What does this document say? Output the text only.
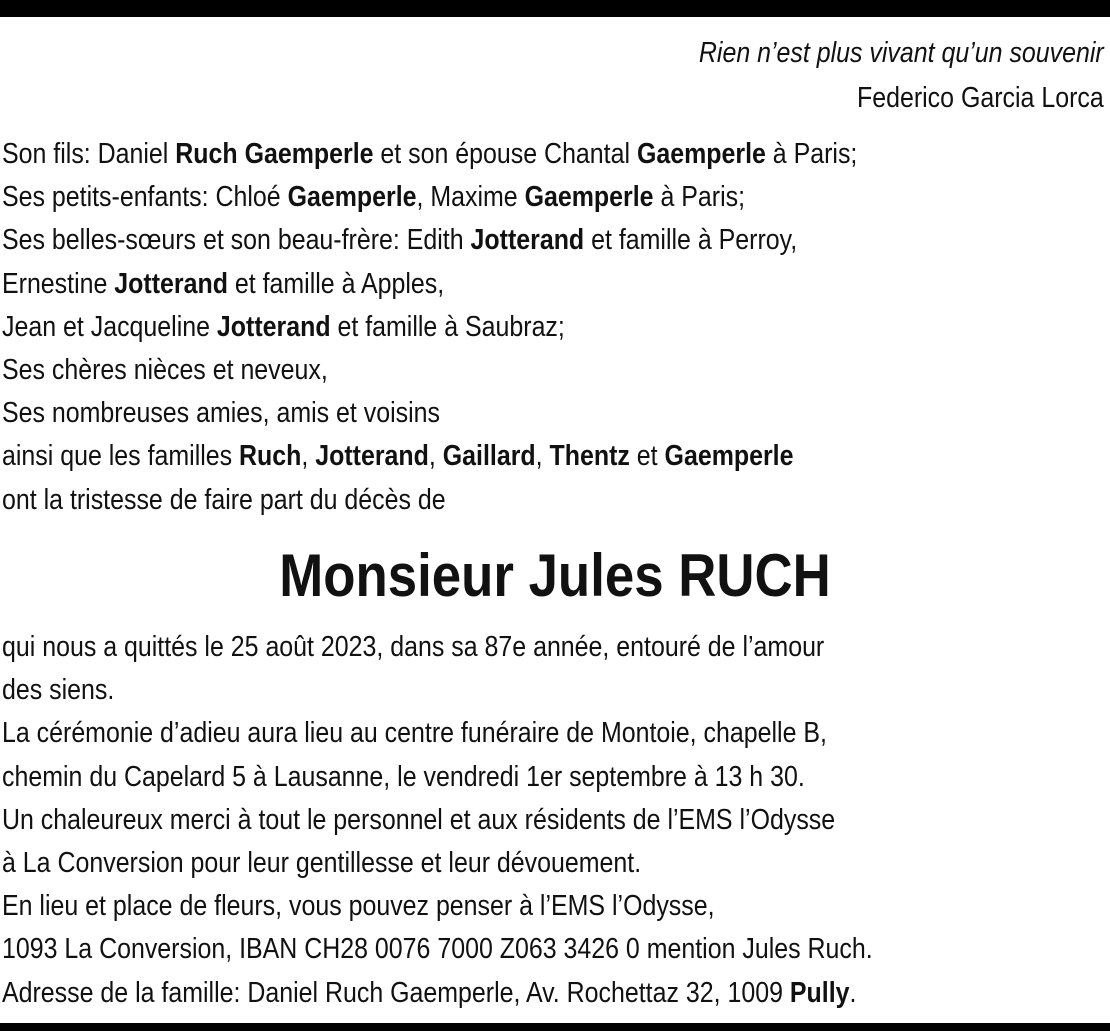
Rien n’est plus vivant qu’un souvenir
Federico Garcia Lorca
Son fils: Daniel Ruch Gaemperle et son épouse Chantal Gaemperle à Paris;
Ses petits-enfants: Chloé Gaemperle, Maxime Gaemperle à Paris;
Ses belles-sœurs et son beau-frère: Edith Jotterand et famille à Perroy,
Ernestine Jotterand et famille à Apples,
Jean et Jacqueline Jotterand et famille à Saubraz;
Ses chères nièces et neveux,
Ses nombreuses amies, amis et voisins
ainsi que les familles Ruch, Jotterand, Gaillard, Thentz et Gaemperle
ont la tristesse de faire part du décès de
Monsieur Jules RUCH
qui nous a quittés le 25 août 2023, dans sa 87e année, entouré de l’amour
des siens.
La cérémonie d’adieu aura lieu au centre funéraire de Montoie, chapelle B,
chemin du Capelard 5 à Lausanne, le vendredi 1er septembre à 13 h 30.
Un chaleureux merci à tout le personnel et aux résidents de l’EMS l’Odysse
à La Conversion pour leur gentillesse et leur dévouement.
En lieu et place de fleurs, vous pouvez penser à l’EMS l’Odysse,
1093 La Conversion, IBAN CH28 0076 7000 Z063 3426 0 mention Jules Ruch.
Adresse de la famille: Daniel Ruch Gaemperle, Av. Rochettaz 32, 1009 Pully.
